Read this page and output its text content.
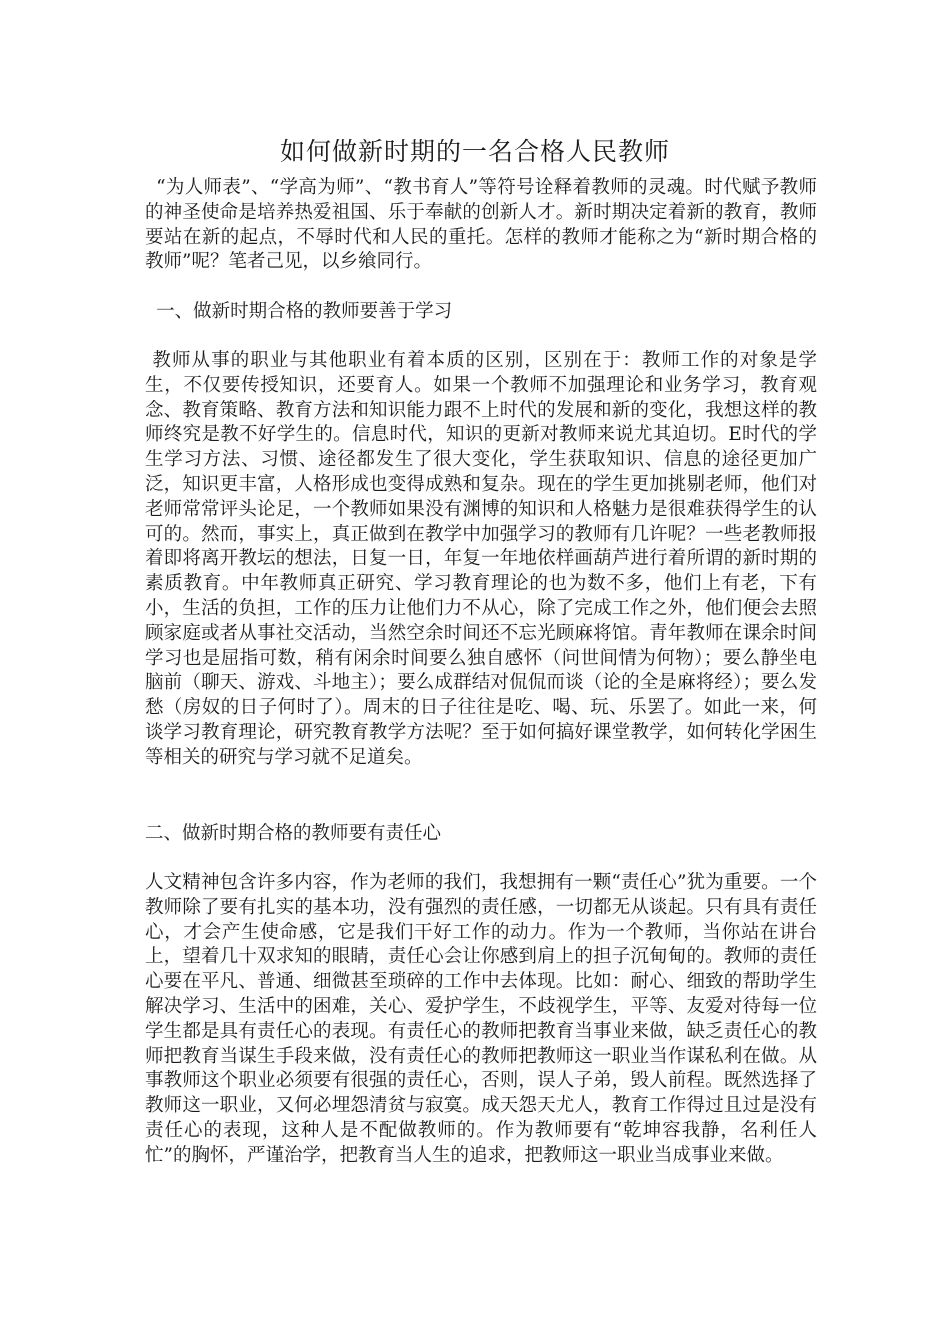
如何做新时期的一名合格人民教师

“为人师表”、“学高为师”、“教书育人”等符号诠释着教师的灵魂。时代赋予教师的神圣使命是培养热爱祖国、乐于奉献的创新人才。新时期决定着新的教育，教师要站在新的起点，不辱时代和人民的重托。怎样的教师才能称之为“新时期合格的教师”呢？笔者己见，以乡飨同行。

一、做新时期合格的教师要善于学习

教师从事的职业与其他职业有着本质的区别，区别在于：教师工作的对象是学生，不仅要传授知识，还要育人。如果一个教师不加强理论和业务学习，教育观念、教育策略、教育方法和知识能力跟不上时代的发展和新的变化，我想这样的教师终究是教不好学生的。信息时代，知识的更新对教师来说尤其迫切。E时代的学生学习方法、习惯、途径都发生了很大变化，学生获取知识、信息的途径更加广泛，知识更丰富，人格形成也变得成熟和复杂。现在的学生更加挑剔老师，他们对老师常常评头论足，一个教师如果没有渊博的知识和人格魅力是很难获得学生的认可的。然而，事实上，真正做到在教学中加强学习的教师有几许呢？一些老教师报着即将离开教坛的想法，日复一日，年复一年地依样画葫芦进行着所谓的新时期的素质教育。中年教师真正研究、学习教育理论的也为数不多，他们上有老，下有小，生活的负担，工作的压力让他们力不从心，除了完成工作之外，他们便会去照顾家庭或者从事社交活动，当然空余时间还不忘光顾麻将馆。青年教师在课余时间学习也是屈指可数，稍有闲余时间要么独自感怀（问世间情为何物）；要么静坐电脑前（聊天、游戏、斗地主）；要么成群结对侃侃而谈（论的全是麻将经）；要么发愁（房奴的日子何时了）。周末的日子往往是吃、喝、玩、乐罢了。如此一来，何谈学习教育理论，研究教育教学方法呢？至于如何搞好课堂教学，如何转化学困生等相关的研究与学习就不足道矣。

二、做新时期合格的教师要有责任心

人文精神包含许多内容，作为老师的我们，我想拥有一颗“责任心”犹为重要。一个教师除了要有扎实的基本功，没有强烈的责任感，一切都无从谈起。只有具有责任心，才会产生使命感，它是我们干好工作的动力。作为一个教师，当你站在讲台上，望着几十双求知的眼睛，责任心会让你感到肩上的担子沉甸甸的。教师的责任心要在平凡、普通、细微甚至琐碎的工作中去体现。比如：耐心、细致的帮助学生解决学习、生活中的困难，关心、爱护学生，不歧视学生，平等、友爱对待每一位学生都是具有责任心的表现。有责任心的教师把教育当事业来做，缺乏责任心的教师把教育当谋生手段来做，没有责任心的教师把教师这一职业当作谋私利在做。从事教师这个职业必须要有很强的责任心，否则，误人子弟，毁人前程。既然选择了教师这一职业，又何必埋怨清贫与寂寞。成天怨天尤人，教育工作得过且过是没有责任心的表现，这种人是不配做教师的。作为教师要有“乾坤容我静，名利任人忙”的胸怀，严谨治学，把教育当人生的追求，把教师这一职业当成事业来做。
